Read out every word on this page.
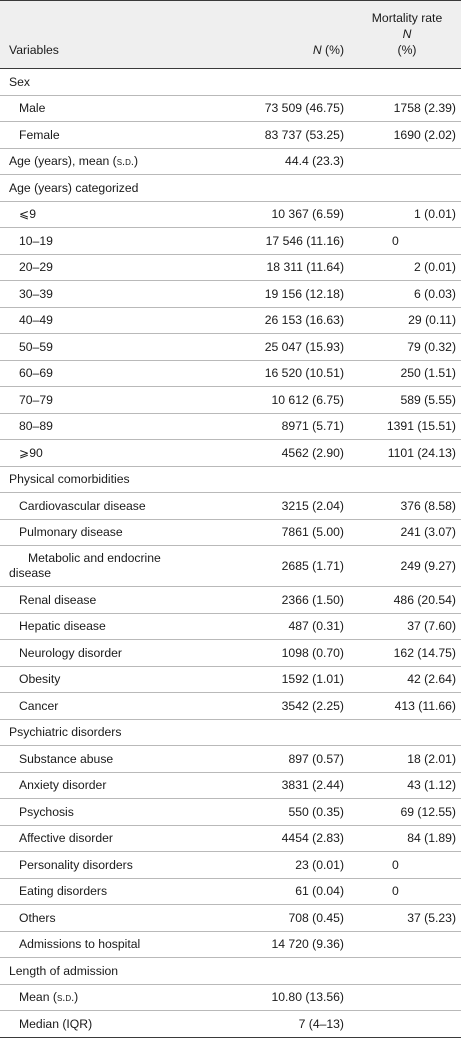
Variables	N (%)	Mortality rate
N
(%)

Sex		

Male	73 509 (46.75)	1758 (2.39)

Female	83 737 (53.25)	1690 (2.02)
Age (years), mean (s.d.)	44.4 (23.3)	
Age (years) categorized		

⩽9	10 367 (6.59)	1 (0.01)

10–19	17 546 (11.16)	0

20–29	18 311 (11.64)	2 (0.01)

30–39	19 156 (12.18)	6 (0.03)

40–49	26 153 (16.63)	29 (0.11)

50–59	25 047 (15.93)	79 (0.32)

60–69	16 520 (10.51)	250 (1.51)

70–79	10 612 (6.75)	589 (5.55)

80–89	8971 (5.71)	1391 (15.51)

⩾90	4562 (2.90)	1101 (24.13)
Physical comorbidities		

Cardiovascular disease	3215 (2.04)	376 (8.58)

Pulmonary disease	7861 (5.00)	241 (3.07)

Metabolic and endocrine
disease	2685 (1.71)	249 (9.27)

Renal disease	2366 (1.50)	486 (20.54)

Hepatic disease	487 (0.31)	37 (7.60)

Neurology disorder	1098 (0.70)	162 (14.75)

Obesity	1592 (1.01)	42 (2.64)

Cancer	3542 (2.25)	413 (11.66)
Psychiatric disorders		

Substance abuse	897 (0.57)	18 (2.01)

Anxiety disorder	3831 (2.44)	43 (1.12)

Psychosis	550 (0.35)	69 (12.55)

Affective disorder	4454 (2.83)	84 (1.89)

Personality disorders	23 (0.01)	0

Eating disorders	61 (0.04)	0

Others	708 (0.45)	37 (5.23)

Admissions to hospital	14 720 (9.36)	
Length of admission		

Mean (s.d.)	10.80 (13.56)	

Median (IQR)	7 (4–13)	
